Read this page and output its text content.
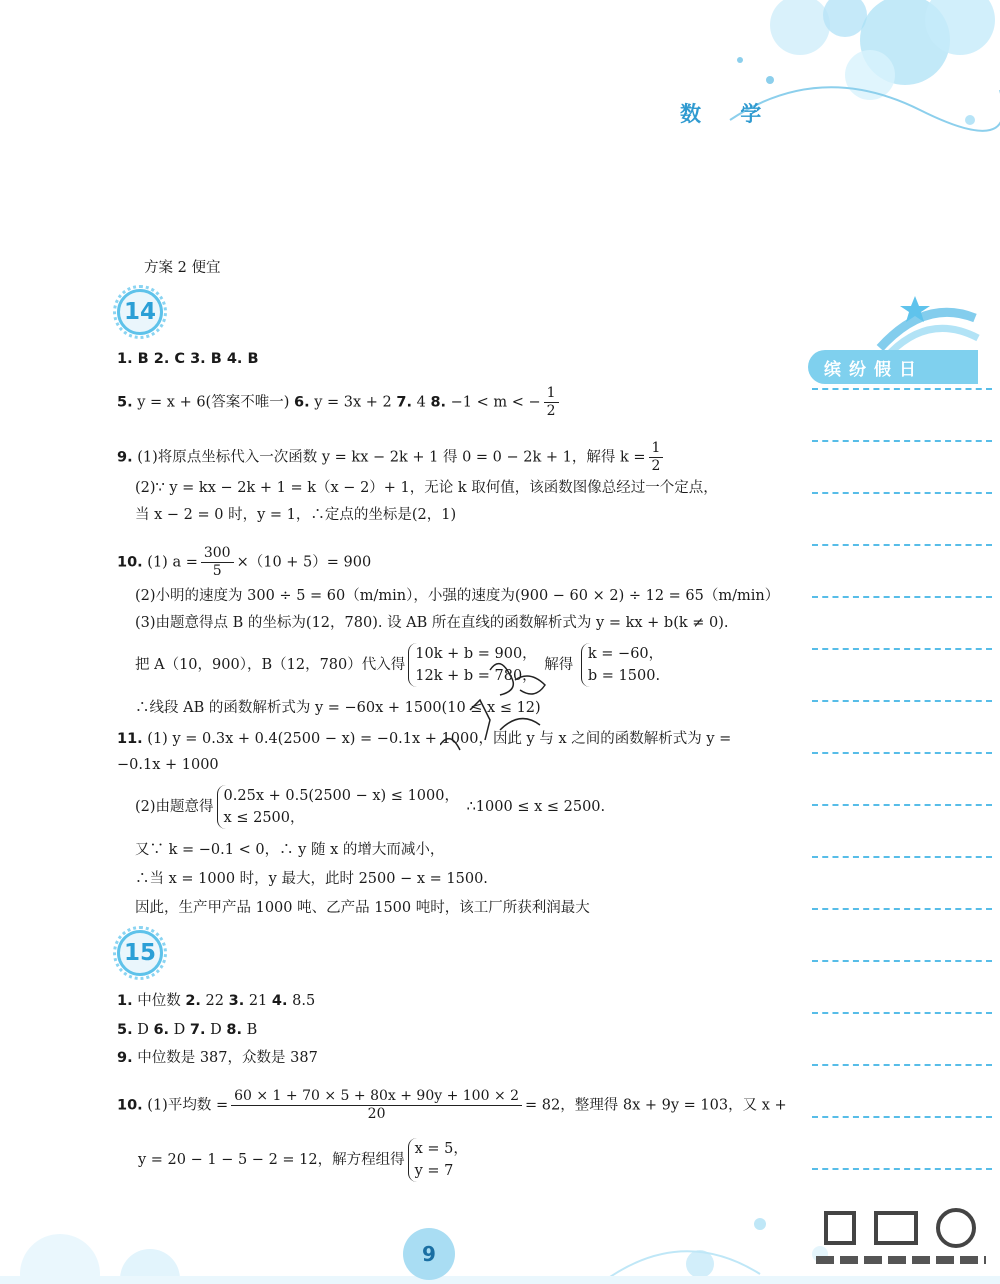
数 学
缤纷假日
方案 2 便宜
14
1. B 2. C 3. B 4. B
5. y = x + 6(答案不唯一) 6. y = 3x + 2 7. 4 8. −1 < m < − $\frac{1}{2}$
9. (1)将原点坐标代入一次函数 y = kx − 2k + 1 得 0 = 0 − 2k + 1，解得 $k = \frac{1}{2}$
(2)∵ y = kx − 2k + 1 = k（x − 2）+ 1，无论 k 取何值，该函数图像总经过一个定点，
当 x − 2 = 0 时，y = 1，∴定点的坐标是(2，1)
10. (1) $a = \frac{300}{5} \times(10 + 5)= 900$
(2)小明的速度为 300 ÷ 5 = 60（m/min），小强的速度为(900 − 60 × 2) ÷ 12 = 65（m/min）
(3)由题意得点 B 的坐标为(12，780). 设 AB 所在直线的函数解析式为 y = kx + b(k ≠ 0).
把 A（10，900），B（12，780）代入得
10k + b = 900，
12k + b = 780，
解得
k = −60，
b = 1500.
∴线段 AB 的函数解析式为 y = −60x + 1500(10 ≤ x ≤ 12)
11. (1) y = 0.3x + 0.4(2500 − x) = −0.1x + 1000，因此 y 与 x 之间的函数解析式为 y =
−0.1x + 1000
(2)由题意得
0.25x + 0.5(2500 − x) ≤ 1000，
x ≤ 2500，
∴1000 ≤ x ≤ 2500.
又∵ k = −0.1 < 0，∴ y 随 x 的增大而减小，
∴当 x = 1000 时，y 最大，此时 2500 − x = 1500.
因此，生产甲产品 1000 吨、乙产品 1500 吨时，该工厂所获利润最大
15
1. 中位数 2. 22 3. 21 4. 8.5
5. D 6. D 7. D 8. B
9. 中位数是 387，众数是 387
10. (1)平均数 = $\frac{60 \times 1 + 70 \times 5 + 80x + 90y + 100 \times 2}{20} = 82$，整理得 8x + 9y = 103，又 x +
y = 20 − 1 − 5 − 2 = 12，解方程组得
x = 5，
y = 7
9
